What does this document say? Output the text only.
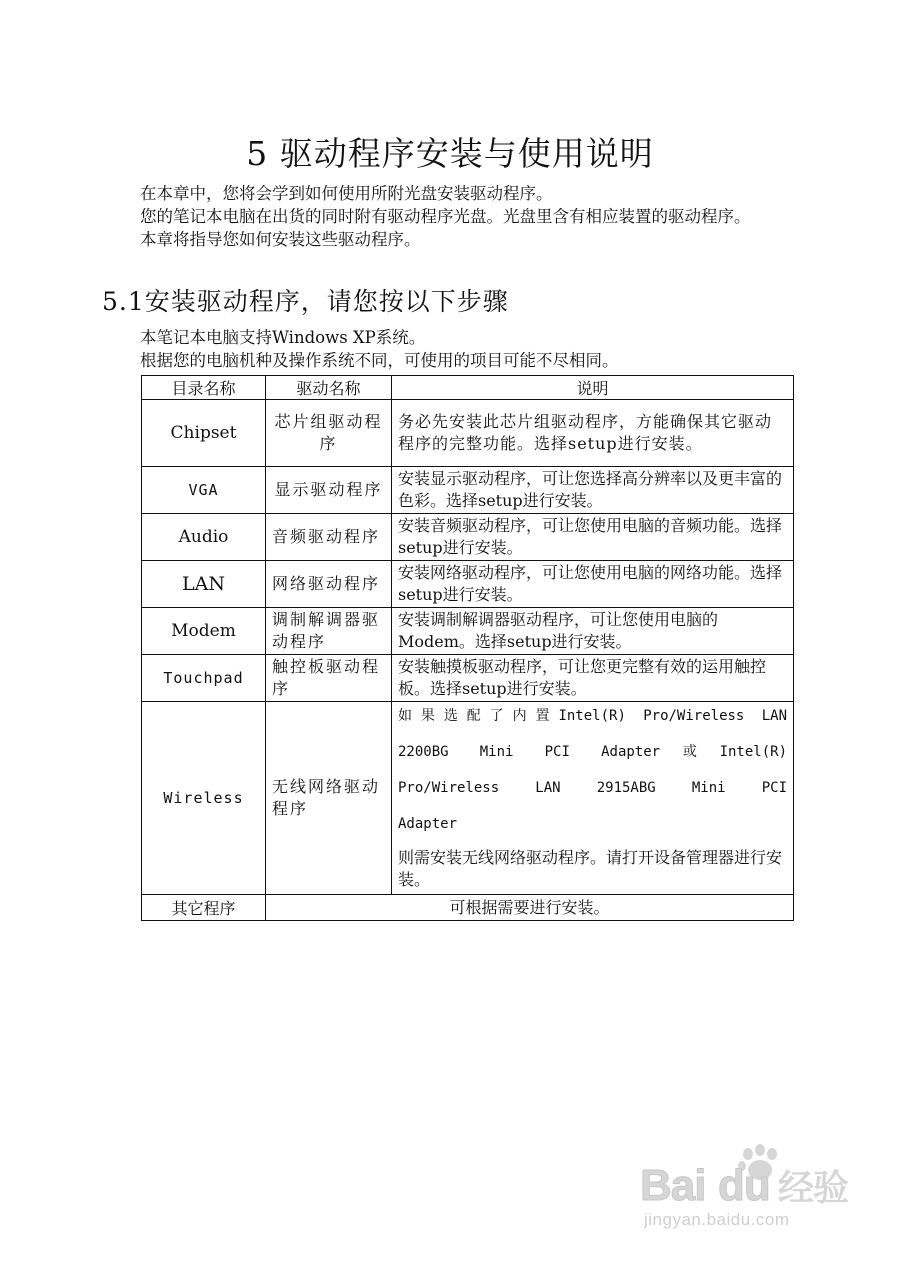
5 驱动程序安装与使用说明

在本章中，您将会学到如何使用所附光盘安装驱动程序。

您的笔记本电脑在出货的同时附有驱动程序光盘。光盘里含有相应装置的驱动程序。

本章将指导您如何安装这些驱动程序。

5.1安装驱动程序，请您按以下步骤

本笔记本电脑支持Windows XP系统。

根据您的电脑机种及操作系统不同，可使用的项目可能不尽相同。

目录名称	驱动名称	说明
Chipset	芯片组驱动程序	务必先安装此芯片组驱动程序，方能确保其它驱动程序的完整功能。选择setup进行安装。
VGA	显示驱动程序	安装显示驱动程序，可让您选择高分辨率以及更丰富的色彩。选择setup进行安装。
Audio	音频驱动程序	安装音频驱动程序，可让您使用电脑的音频功能。选择setup进行安装。
LAN	网络驱动程序	安装网络驱动程序，可让您使用电脑的网络功能。选择setup进行安装。
Modem	调制解调器驱动程序	安装调制解调器驱动程序，可让您使用电脑的Modem。选择setup进行安装。
Touchpad	触控板驱动程序	安装触摸板驱动程序，可让您更完整有效的运用触控板。选择setup进行安装。
Wireless	无线网络驱动程序	如果选配了内置Intel(R) Pro/Wireless LAN
2200BG Mini PCI Adapter或Intel(R)
Pro/Wireless LAN 2915ABG Mini PCI
Adapter
则需安装无线网络驱动程序。请打开设备管理器进行安装。

其它程序	可根据需要进行安装。	
Bai du 经验
jingyan.baidu.com
